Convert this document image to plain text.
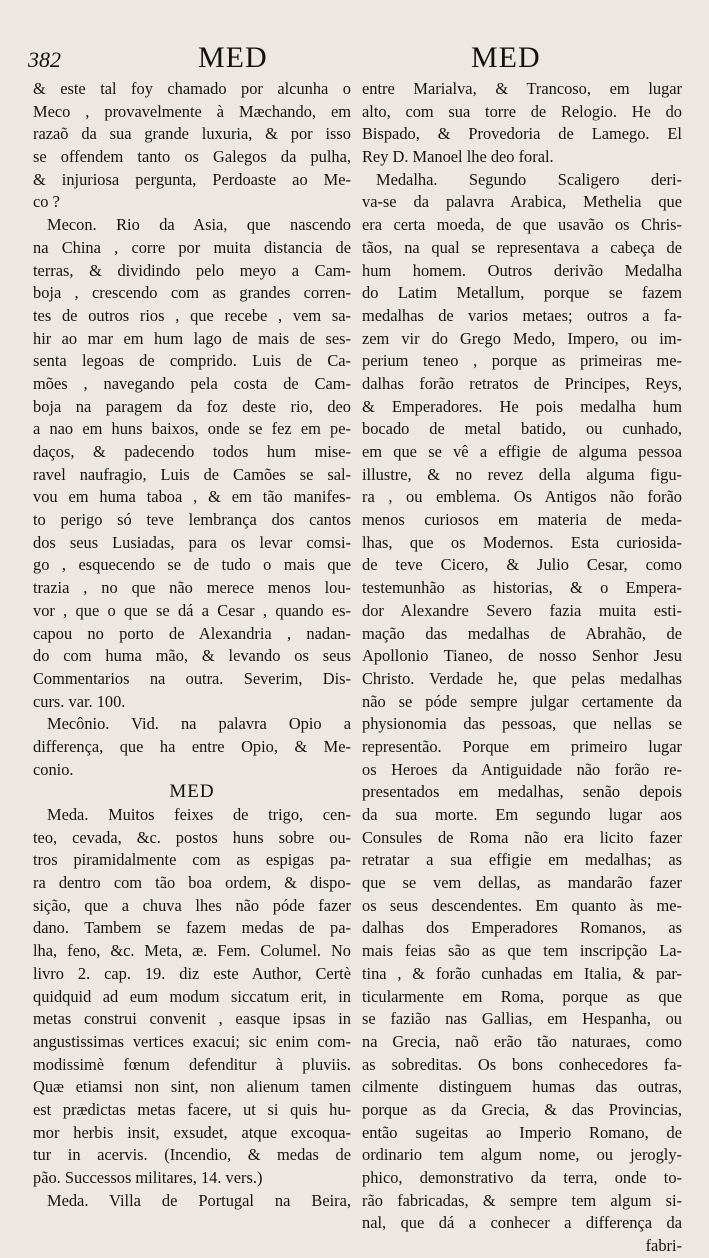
382	MED	MED
& este tal foy chamado por alcunha o
Meco , provavelmente à Mæchando, em
razaõ da sua grande luxuria, & por isso
se offendem tanto os Galegos da pulha,
& injuriosa pergunta, Perdoaste ao Me-
co ?
Mecon. Rio da Asia, que nascendo
na China , corre por muita distancia de
terras, & dividindo pelo meyo a Cam-
boja , crescendo com as grandes corren-
tes de outros rios , que recebe , vem sa-
hir ao mar em hum lago de mais de ses-
senta legoas de comprido. Luis de Ca-
mões , navegando pela costa de Cam-
boja na paragem da foz deste rio, deo
a nao em huns baixos, onde se fez em pe-
daços, & padecendo todos hum mise-
ravel naufragio, Luis de Camões se sal-
vou em huma taboa , & em tão manifes-
to perigo só teve lembrança dos cantos
dos seus Lusiadas, para os levar comsi-
go , esquecendo se de tudo o mais que
trazia , no que não merece menos lou-
vor , que o que se dá a Cesar , quando es-
capou no porto de Alexandria , nadan-
do com huma mão, & levando os seus
Commentarios na outra. Severim, Dis-
curs. var. 100.
Mecônio. Vid. na palavra Opio a
differença, que ha entre Opio, & Me-
conio.
MED
Meda. Muitos feixes de trigo, cen-
teo, cevada, &c. postos huns sobre ou-
tros piramidalmente com as espigas pa-
ra dentro com tão boa ordem, & dispo-
sição, que a chuva lhes não póde fazer
dano. Tambem se fazem medas de pa-
lha, feno, &c. Meta, æ. Fem. Columel. No
livro 2. cap. 19. diz este Author, Certè
quidquid ad eum modum siccatum erit, in
metas construi convenit , easque ipsas in
angustissimas vertices exacui; sic enim com-
modissimè fœnum defenditur à pluviis.
Quæ etiamsi non sint, non alienum tamen
est prædictas metas facere, ut si quis hu-
mor herbis insit, exsudet, atque excoqua-
tur in acervis. (Incendio, & medas de
pão. Successos militares, 14. vers.)
Meda. Villa de Portugal na Beira,
entre Marialva, & Trancoso, em lugar
alto, com sua torre de Relogio. He do
Bispado, & Provedoria de Lamego. El
Rey D. Manoel lhe deo foral.
Medalha. Segundo Scaligero deri-
va-se da palavra Arabica, Methelia que
era certa moeda, de que usavão os Chris-
tãos, na qual se representava a cabeça de
hum homem. Outros derivão Medalha
do Latim Metallum, porque se fazem
medalhas de varios metaes; outros a fa-
zem vir do Grego Medo, Impero, ou im-
perium teneo , porque as primeiras me-
dalhas forão retratos de Principes, Reys,
& Emperadores. He pois medalha hum
bocado de metal batido, ou cunhado,
em que se vê a effigie de alguma pessoa
illustre, & no revez della alguma figu-
ra , ou emblema. Os Antigos não forão
menos curiosos em materia de meda-
lhas, que os Modernos. Esta curiosida-
de teve Cicero, & Julio Cesar, como
testemunhão as historias, & o Empera-
dor Alexandre Severo fazia muita esti-
mação das medalhas de Abrahão, de
Apollonio Tianeo, de nosso Senhor Jesu
Christo. Verdade he, que pelas medalhas
não se póde sempre julgar certamente da
physionomia das pessoas, que nellas se
representão. Porque em primeiro lugar
os Heroes da Antiguidade não forão re-
presentados em medalhas, senão depois
da sua morte. Em segundo lugar aos
Consules de Roma não era licito fazer
retratar a sua effigie em medalhas; as
que se vem dellas, as mandarão fazer
os seus descendentes. Em quanto às me-
dalhas dos Emperadores Romanos, as
mais feias são as que tem inscripção La-
tina , & forão cunhadas em Italia, & par-
ticularmente em Roma, porque as que
se fazião nas Gallias, em Hespanha, ou
na Grecia, naõ erão tão naturaes, como
as sobreditas. Os bons conhecedores fa-
cilmente distinguem humas das outras,
porque as da Grecia, & das Provincias,
então sugeitas ao Imperio Romano, de
ordinario tem algum nome, ou jerogly-
phico, demonstrativo da terra, onde to-
rão fabricadas, & sempre tem algum si-
nal, que dá a conhecer a differença da
fabri-
